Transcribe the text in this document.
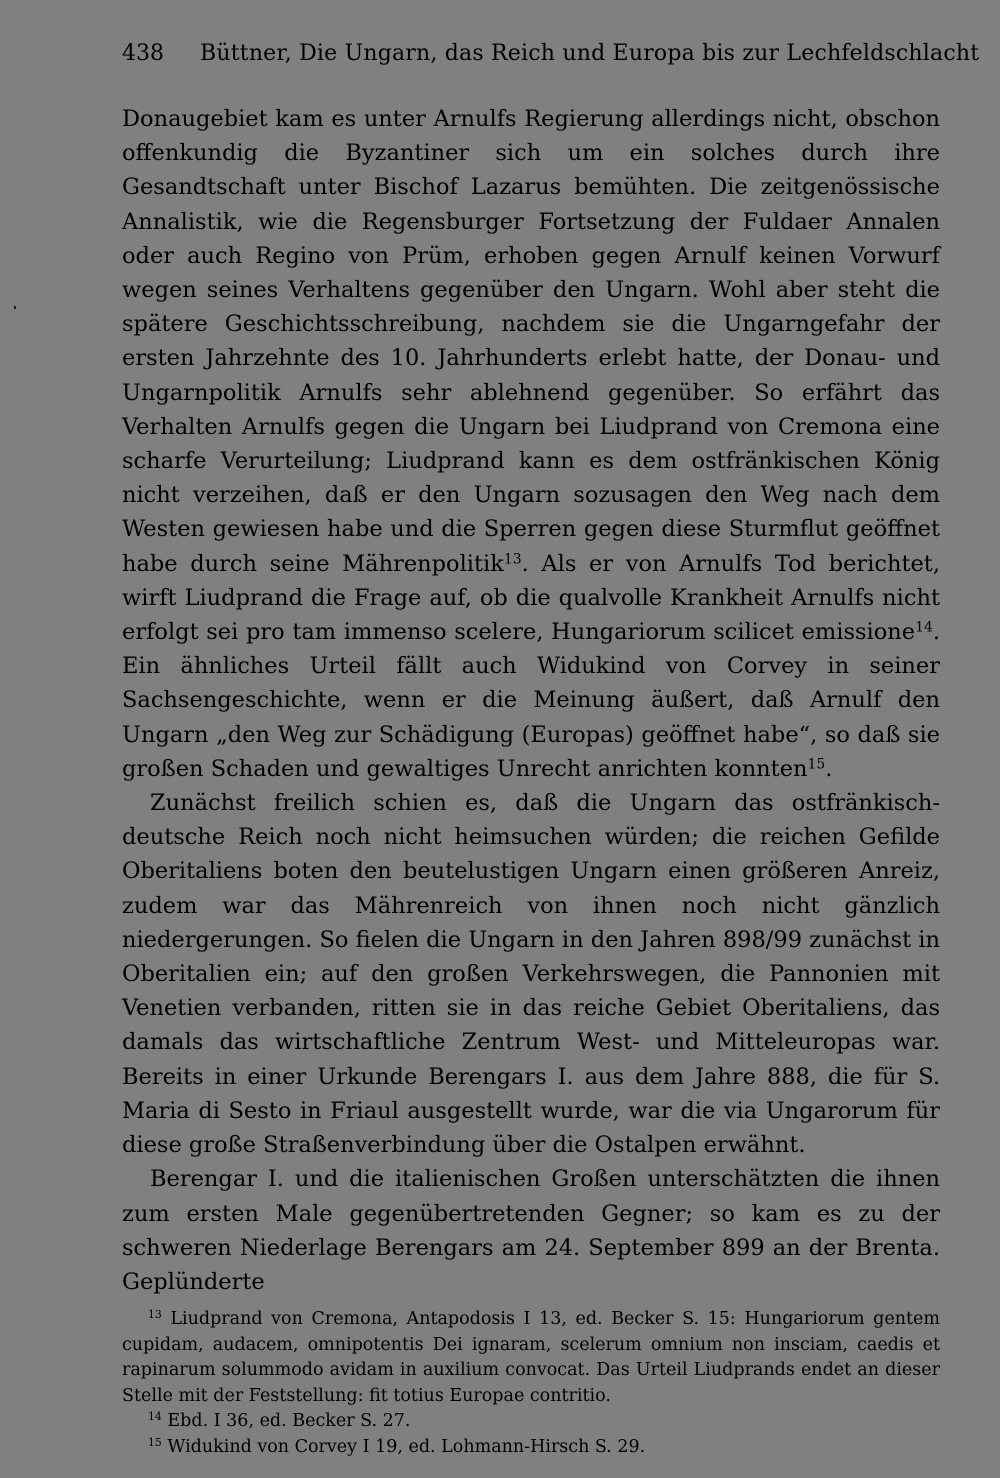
438 Büttner, Die Ungarn, das Reich und Europa bis zur Lechfeldschlacht

Donaugebiet kam es unter Arnulfs Regierung allerdings nicht, obschon offenkundig die Byzantiner sich um ein solches durch ihre Gesandtschaft unter Bischof Lazarus bemühten. Die zeitgenössische Annalistik, wie die Regensburger Fortsetzung der Fuldaer Annalen oder auch Regino von Prüm, erhoben gegen Arnulf keinen Vorwurf wegen seines Verhaltens gegenüber den Ungarn. Wohl aber steht die spätere Geschichtsschreibung, nachdem sie die Ungarngefahr der ersten Jahrzehnte des 10. Jahrhunderts erlebt hatte, der Donau- und Ungarnpolitik Arnulfs sehr ablehnend gegenüber. So erfährt das Verhalten Arnulfs gegen die Ungarn bei Liudprand von Cremona eine scharfe Verurteilung; Liudprand kann es dem ostfränkischen König nicht verzeihen, daß er den Ungarn sozusagen den Weg nach dem Westen gewiesen habe und die Sperren gegen diese Sturmflut geöffnet habe durch seine Mährenpolitik$^{13}$. Als er von Arnulfs Tod berichtet, wirft Liudprand die Frage auf, ob die qualvolle Krankheit Arnulfs nicht erfolgt sei pro tam immenso scelere, Hungariorum scilicet emissione$^{14}$. Ein ähnliches Urteil fällt auch Widukind von Corvey in seiner Sachsengeschichte, wenn er die Meinung äußert, daß Arnulf den Ungarn „den Weg zur Schädigung (Europas) geöffnet habe“, so daß sie großen Schaden und gewaltiges Unrecht anrichten konnten$^{15}$.

Zunächst freilich schien es, daß die Ungarn das ostfränkisch-deutsche Reich noch nicht heimsuchen würden; die reichen Gefilde Oberitaliens boten den beutelustigen Ungarn einen größeren Anreiz, zudem war das Mährenreich von ihnen noch nicht gänzlich niedergerungen. So fielen die Ungarn in den Jahren 898/99 zunächst in Oberitalien ein; auf den großen Verkehrswegen, die Pannonien mit Venetien verbanden, ritten sie in das reiche Gebiet Oberitaliens, das damals das wirtschaftliche Zentrum West- und Mitteleuropas war. Bereits in einer Urkunde Berengars I. aus dem Jahre 888, die für S. Maria di Sesto in Friaul ausgestellt wurde, war die via Ungarorum für diese große Straßenverbindung über die Ostalpen erwähnt.

Berengar I. und die italienischen Großen unterschätzten die ihnen zum ersten Male gegenübertretenden Gegner; so kam es zu der schweren Niederlage Berengars am 24. September 899 an der Brenta. Geplünderte

$^{13}$ Liudprand von Cremona, Antapodosis I 13, ed. Becker S. 15: Hungariorum gentem cupidam, audacem, omnipotentis Dei ignaram, scelerum omnium non insciam, caedis et rapinarum solummodo avidam in auxilium convocat. Das Urteil Liudprands endet an dieser Stelle mit der Feststellung: fit totius Europae contritio.

$^{14}$ Ebd. I 36, ed. Becker S. 27.

$^{15}$ Widukind von Corvey I 19, ed. Lohmann-Hirsch S. 29.
